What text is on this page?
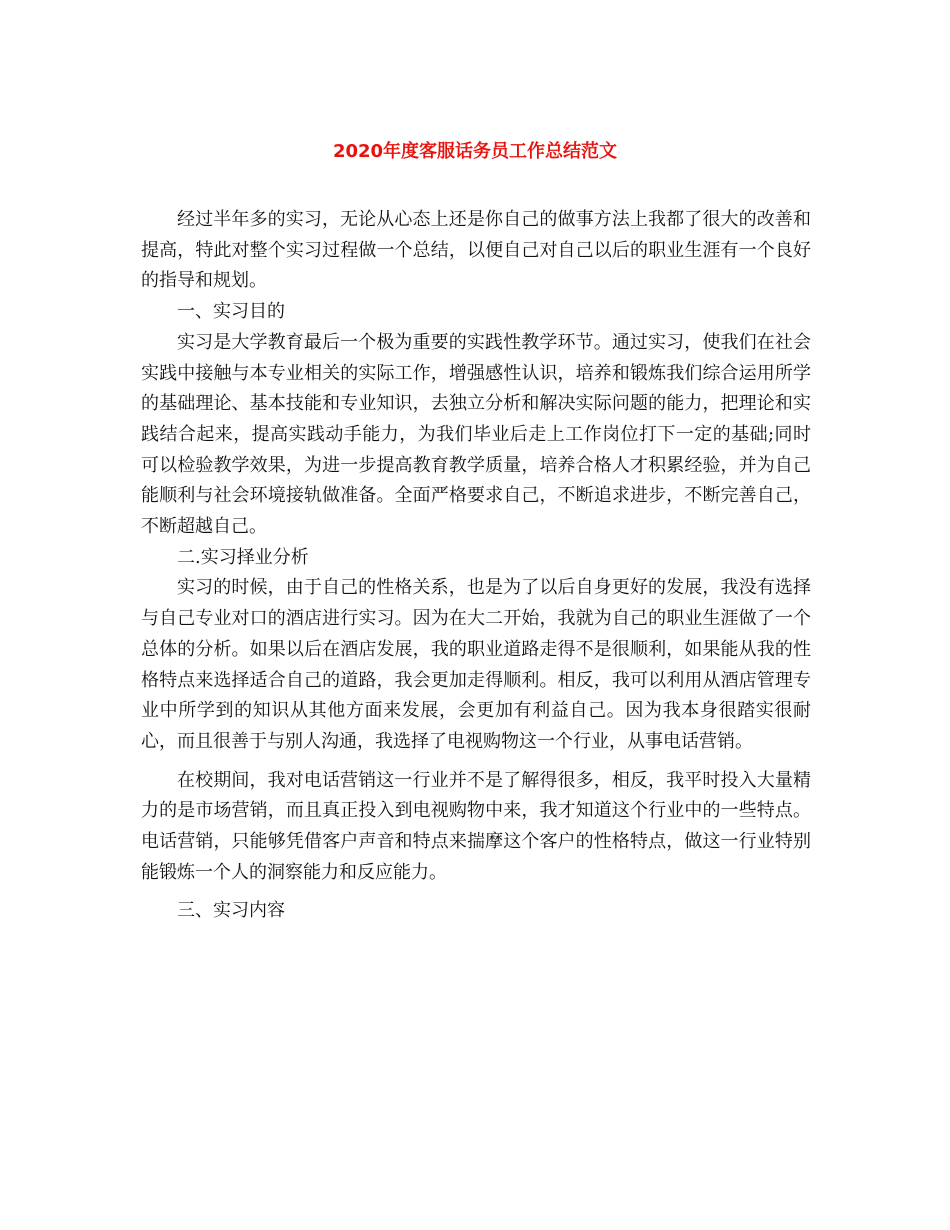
2020年度客服话务员工作总结范文

经过半年多的实习，无论从心态上还是你自己的做事方法上我都了很大的改善和提高，特此对整个实习过程做一个总结，以便自己对自己以后的职业生涯有一个良好的指导和规划。

一、实习目的

实习是大学教育最后一个极为重要的实践性教学环节。通过实习，使我们在社会实践中接触与本专业相关的实际工作，增强感性认识，培养和锻炼我们综合运用所学的基础理论、基本技能和专业知识，去独立分析和解决实际问题的能力，把理论和实践结合起来，提高实践动手能力，为我们毕业后走上工作岗位打下一定的基础;同时可以检验教学效果，为进一步提高教育教学质量，培养合格人才积累经验，并为自己能顺利与社会环境接轨做准备。全面严格要求自己，不断追求进步，不断完善自己，不断超越自己。

二.实习择业分析

实习的时候，由于自己的性格关系，也是为了以后自身更好的发展，我没有选择与自己专业对口的酒店进行实习。因为在大二开始，我就为自己的职业生涯做了一个总体的分析。如果以后在酒店发展，我的职业道路走得不是很顺利，如果能从我的性格特点来选择适合自己的道路，我会更加走得顺利。相反，我可以利用从酒店管理专业中所学到的知识从其他方面来发展，会更加有利益自己。因为我本身很踏实很耐心，而且很善于与别人沟通，我选择了电视购物这一个行业，从事电话营销。

在校期间，我对电话营销这一行业并不是了解得很多，相反，我平时投入大量精力的是市场营销，而且真正投入到电视购物中来，我才知道这个行业中的一些特点。电话营销，只能够凭借客户声音和特点来揣摩这个客户的性格特点，做这一行业特别能锻炼一个人的洞察能力和反应能力。

三、实习内容
